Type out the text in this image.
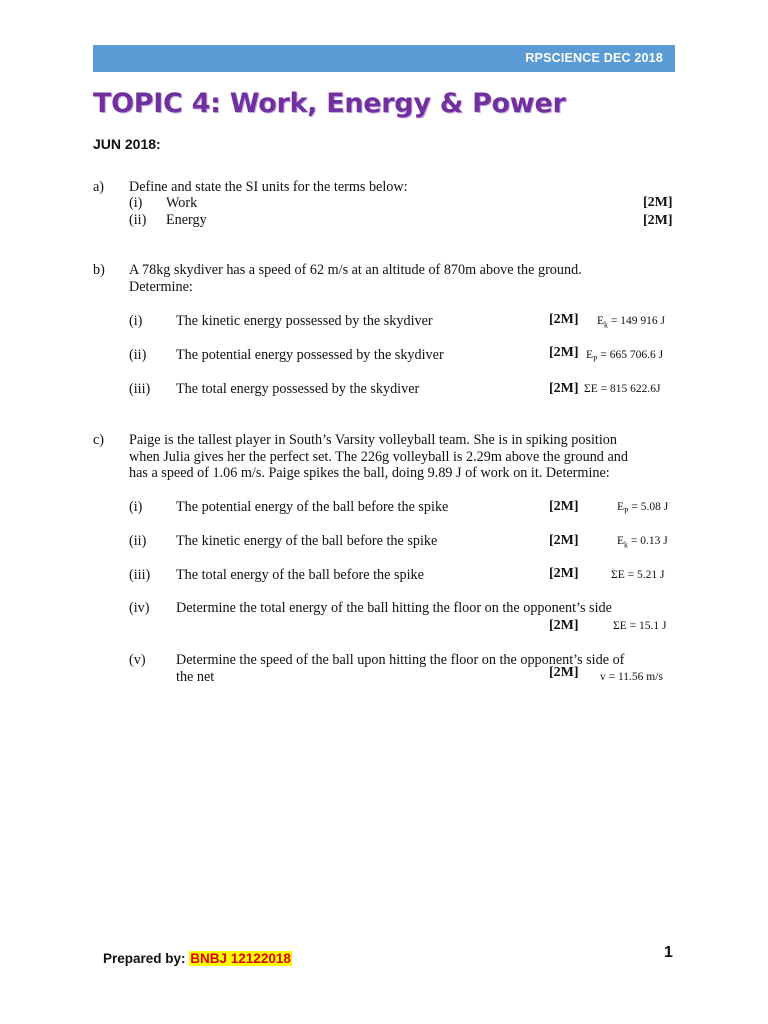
RPSCIENCE DEC 2018
TOPIC 4: Work, Energy & Power
JUN 2018:
a) Define and state the SI units for the terms below:
(i) Work	[2M]
(ii) Energy	[2M]
b) A 78kg skydiver has a speed of 62 m/s at an altitude of 870m above the ground.
Determine:
(i) The kinetic energy possessed by the skydiver	[2M] $E_k = 149$ 916 J
(ii) The potential energy possessed by the skydiver	[2M] $E_P = 665$ 706.6 J
(iii) The total energy possessed by the skydiver	[2M] ΣE = 815 622.6J
c) Paige is the tallest player in South’s Varsity volleyball team. She is in spiking position
when Julia gives her the perfect set. The 226g volleyball is 2.29m above the ground and
has a speed of 1.06 m/s. Paige spikes the ball, doing 9.89 J of work on it. Determine:
(i) The potential energy of the ball before the spike	[2M]	$E_P = 5.08$ J
(ii) The kinetic energy of the ball before the spike	[2M]	$E_k = 0.13$ J
(iii) The total energy of the ball before the spike	[2M]	ΣE = 5.21 J
(iv) Determine the total energy of the ball hitting the floor on the opponent’s side
[2M]	ΣE = 15.1 J
(v) Determine the speed of the ball upon hitting the floor on the opponent’s side of
the net	[2M] v = 11.56 m/s
Prepared by: BNBJ 12122018	1
